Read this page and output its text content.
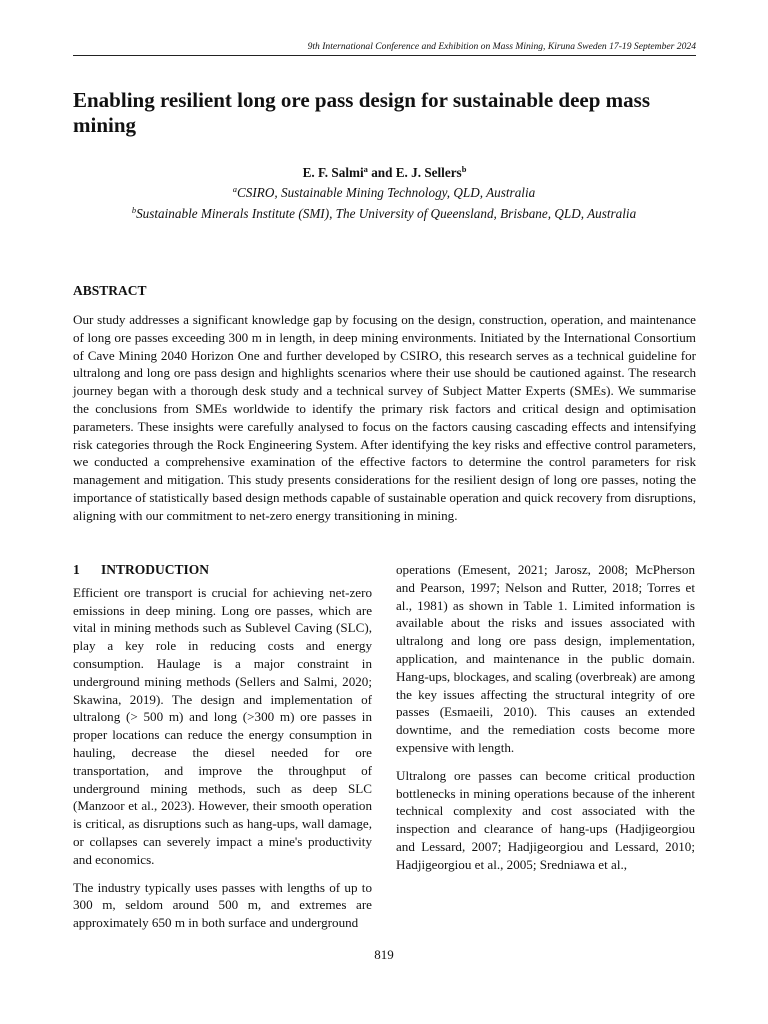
9th International Conference and Exhibition on Mass Mining, Kiruna Sweden 17-19 September 2024
Enabling resilient long ore pass design for sustainable deep mass mining
E. F. Salmi$^a$ and E. J. Sellers$^b$
$^a$CSIRO, Sustainable Mining Technology, QLD, Australia
$^b$Sustainable Minerals Institute (SMI), The University of Queensland, Brisbane, QLD, Australia
ABSTRACT

Our study addresses a significant knowledge gap by focusing on the design, construction, operation, and maintenance of long ore passes exceeding 300 m in length, in deep mining environments. Initiated by the International Consortium of Cave Mining 2040 Horizon One and further developed by CSIRO, this research serves as a technical guideline for ultralong and long ore pass design and highlights scenarios where their use should be cautioned against. The research journey began with a thorough desk study and a technical survey of Subject Matter Experts (SMEs). We summarise the conclusions from SMEs worldwide to identify the primary risk factors and critical design and optimisation parameters. These insights were carefully analysed to focus on the factors causing cascading effects and intensifying risk categories through the Rock Engineering System. After identifying the key risks and effective control parameters, we conducted a comprehensive examination of the effective factors to determine the control parameters for risk management and mitigation. This study presents considerations for the resilient design of long ore passes, noting the importance of statistically based design methods capable of sustainable operation and quick recovery from disruptions, aligning with our commitment to net-zero energy transitioning in mining.

1 INTRODUCTION

Efficient ore transport is crucial for achieving net-zero emissions in deep mining. Long ore passes, which are vital in mining methods such as Sublevel Caving (SLC), play a key role in reducing costs and energy consumption. Haulage is a major constraint in underground mining methods (Sellers and Salmi, 2020; Skawina, 2019). The design and implementation of ultralong (> 500 m) and long (>300 m) ore passes in proper locations can reduce the energy consumption in hauling, decrease the diesel needed for ore transportation, and improve the throughput of underground mining methods, such as deep SLC (Manzoor et al., 2023). However, their smooth operation is critical, as disruptions such as hang-ups, wall damage, or collapses can severely impact a mine's productivity and economics.

The industry typically uses passes with lengths of up to 300 m, seldom around 500 m, and extremes are approximately 650 m in both surface and underground

operations (Emesent, 2021; Jarosz, 2008; McPherson and Pearson, 1997; Nelson and Rutter, 2018; Torres et al., 1981) as shown in Table 1. Limited information is available about the risks and issues associated with ultralong and long ore pass design, implementation, application, and maintenance in the public domain. Hang-ups, blockages, and scaling (overbreak) are among the key issues affecting the structural integrity of ore passes (Esmaeili, 2010). This causes an extended downtime, and the remediation costs become more expensive with length.

Ultralong ore passes can become critical production bottlenecks in mining operations because of the inherent technical complexity and cost associated with the inspection and clearance of hang-ups (Hadjigeorgiou and Lessard, 2007; Hadjigeorgiou and Lessard, 2010; Hadjigeorgiou et al., 2005; Sredniawa et al.,

819
